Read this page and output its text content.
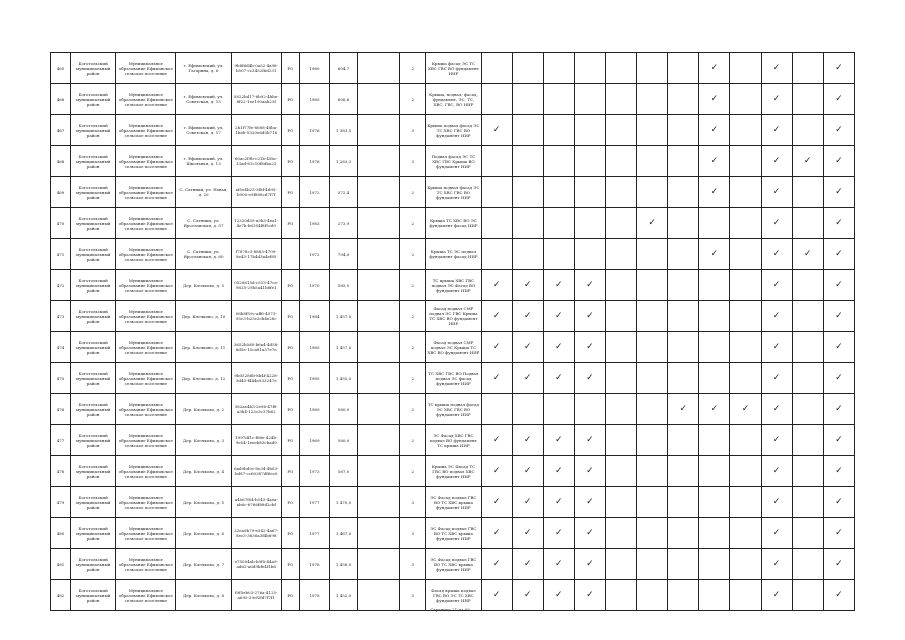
465	Боготольский муниципальный район	Муниципальное образование Ефимовское сельское поселение	г. Ефимовский, ул. Гагарина, д. 6	9b8f6d4b-0a52-4a98-b507-cc3452f6d231	РО	1980	604,7		2	Крыша фасад ЭС ТС ХВС ГВС ВО фундамент ИИР								✓		✓		✓
466	Боготольский муниципальный район	Муниципальное образование Ефимовское сельское поселение	г. Ефимовский, ул. Советская, д. 13	5822bd17-6b92-4bbe-8f22-1ee190aab23f	РО	1985	606,6		2	Крыша, подвал, фасад, фундамент, ЭС, ТС, ХВС, ГВС, ВО ИИР								✓		✓		✓
467	Боготольский муниципальный район	Муниципальное образование Ефимовское сельское поселение	г. Ефимовский, ул. Советская, д. 17	2b1f77fe-8088-48ba-1b6b-5320e6d0b716	РО	1976	1 383,5		3	Крыша подвал фасад ЭС ТС ХВС ГВС ВО фундамент ИИР	✓							✓		✓		✓
468	Боготольский муниципальный район	Муниципальное образование Ефимовское сельское поселение	г. Ефимовский, ул. Школьная, д. 13	60ac2f9b-c21b-45bc-13ad-61c10f8dba23	РО	1978	1 283,3		3	Подвал фасад ЭС ТС ХВС ГВС Крыша ВО фундамент ИИР								✓		✓	✓	✓
469	Боготольский муниципальный район	Муниципальное образование Ефимовское сельское поселение	С. Сатники, ул. Новая, д. 20	af5e4b25-3f8f-4d95-b900-e9f808cd7f7f	РО	1972	572,4		2	Крыша подвал фасад ЭС ТС ХВС ГВС ВО фундамент ИИР								✓		✓		✓
470	Боготольский муниципальный район	Муниципальное образование Ефимовское сельское поселение	С. Сатники, ул. Ярославская, д. 57	12320d59-a9b3-4ea1-4e7b-b6354f8f5cd9	РО	1983	273,9		2	Крыша ТС ХВС ВО ЭС фундамент фасад ИИР						✓				✓		✓
471	Боготольский муниципальный район	Муниципальное образование Ефимовское сельское поселение	С. Сатники, ул. Ярославская, д. 60	f7878c3-8883-4709-8e43-17b4d3a4ef85		1972	794,0		2	Крыша ТС ЭС подвал фундамент фасад ИИР								✓		✓	✓	✓
472	Боготольский муниципальный район	Муниципальное образование Ефимовское сельское поселение	Дер. Клочково, д. 5	0528815d-c513-47ce-9825-29b5a41b8fe1	РО	1970	585,0		2	ТС крыша ХВС ГВС подвал ЭС Фасад ВО фундамент ИИР	✓	✓	✓	✓						✓		✓
473	Боготольский муниципальный район	Муниципальное образование Ефимовское сельское поселение	Дер. Клочково, д. 10	06b8f59c-aff6-4573-95c3-b25c2cb4e28c	РО	1984	1 457,0		2	Фасад подвал СМР подвал ЭС ГВС Крыша ТС ХВС ВО фундамент ИИР	✓	✓	✓	✓						✓		✓
474	Боготольский муниципальный район	Муниципальное образование Ефимовское сельское поселение	Дер. Клочково, д. 11	3652b5d0-b6a4-4d58-8d5e-15ca81a37e7e	РО	1985	1 457,0		2	Фасад подвал СМР подвал ЭС Крыша ТС ХВС ВО фундамент ИИР	✓	✓	✓	✓						✓		✓
475	Боготольский муниципальный район	Муниципальное образование Ефимовское сельское поселение	Дер. Клочково, д. 12	9b05286b-8b4f-4228-3d40-f444e933247e	РО	1985	1 455,0		2	ТС ХВС ГВС ВО Подвал подвал ЭС фасад фундамент ИИР	✓	✓	✓	✓						✓		✓
476	Боготольский муниципальный район	Муниципальное образование Ефимовское сельское поселение	Дер. Клочково, д. 2	382ae4b3-2e96-47f8-a3b4-123c3c37b62	РО	1989	580,0		2	ТС крыша подвал фасад ЭС ХВС ГВС ВО фундамент ИИР							✓	✓	✓	✓		✓
477	Боготольский муниципальный район	Муниципальное образование Ефимовское сельское поселение	Дер. Клочково, д. 3	1997df1c-f68e-424b-9e54-1eeeb83cbad9	РО	1969	580,0		2	ЭС Фасад ХВС ГВС подвал ВО фундамент ТС крыша ИИР	✓	✓	✓	✓						✓		✓
478	Боготольский муниципальный район	Муниципальное образование Ефимовское сельское поселение	Дер. Клочково, д. 4	6ad9bd9c-8e34-4b03-bd87-cc60387df6ec0	РО	1973	587,0		2	Крыша ЭС Фасад ТС ГВС ВО подвал ХВС фундамент ИИР	✓	✓	✓	✓						✓		✓
479	Боготольский муниципальный район	Муниципальное образование Ефимовское сельское поселение	Дер. Клочково, д. 5	a4067f04-b145-4aea-ab6c-6766f88d2cbf	РО	1977	1 470,0		3	ЭС Фасад подвал ГВС ВО ТС ХВС крыша фундамент ИИР	✓	✓	✓	✓						✓		✓
480	Боготольский муниципальный район	Муниципальное образование Ефимовское сельское поселение	Дер. Клочково, д. 6	22ea9b79-e542-4a67-8ec3-3636a3f4b898	РО	1977	1 467,0		3	ЭС Фасад подвал ГВС ВО ТС ХВС крыша фундамент ИИР	✓	✓	✓	✓						✓		✓
481	Боготольский муниципальный район	Муниципальное образование Ефимовское сельское поселение	Дер. Клочково, д. 7	e75004ab-b9f5-44a9-ad62-a6d9bfe4f1b6	РО	1978	1 458,0		3	ЭС Фасад подвал ГВС ВО ТС ХВС крыша фундамент ИИР	✓	✓	✓	✓						✓		✓
482	Боготольский муниципальный район	Муниципальное образование Ефимовское сельское поселение	Дер. Клочково, д. 8	f9f5eb03-276a-4125-a695-29cf2fd7f7f1	РО	1978	1 452,0		3	Фасад крыша подвал ГВС ВО ЭС ТС ХВС фундамент ИИР	✓	✓	✓	✓						✓		✓
Страница 21 из 69
